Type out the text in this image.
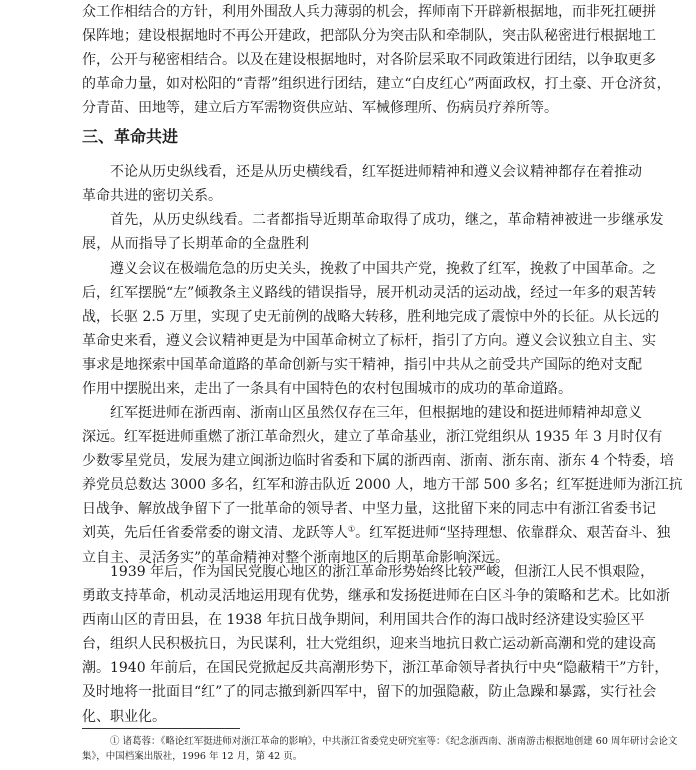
众工作相结合的方针，利用外围敌人兵力薄弱的机会，挥师南下开辟新根据地，而非死扛硬拼
保阵地；建设根据地时不再公开建政，把部队分为突击队和牵制队，突击队秘密进行根据地工
作，公开与秘密相结合。以及在建设根据地时，对各阶层采取不同政策进行团结，以争取更多
的革命力量，如对松阳的“青帮”组织进行团结，建立“白皮红心”两面政权，打土豪、开仓济贫，
分青苗、田地等，建立后方军需物资供应站、军械修理所、伤病员疗养所等。
三、革命共进
不论从历史纵线看，还是从历史横线看，红军挺进师精神和遵义会议精神都存在着推动
革命共进的密切关系。
首先，从历史纵线看。二者都指导近期革命取得了成功，继之，革命精神被进一步继承发
展，从而指导了长期革命的全盘胜利
遵义会议在极端危急的历史关头，挽救了中国共产党，挽救了红军，挽救了中国革命。之
后，红军摆脱“左”倾教条主义路线的错误指导，展开机动灵活的运动战，经过一年多的艰苦转
战，长驱 2.5 万里，实现了史无前例的战略大转移，胜利地完成了震惊中外的长征。从长远的
革命史来看，遵义会议精神更是为中国革命树立了标杆，指引了方向。遵义会议独立自主、实
事求是地探索中国革命道路的革命创新与实干精神，指引中共从之前受共产国际的绝对支配
作用中摆脱出来，走出了一条具有中国特色的农村包围城市的成功的革命道路。
红军挺进师在浙西南、浙南山区虽然仅存在三年，但根据地的建设和挺进师精神却意义
深远。红军挺进师重燃了浙江革命烈火，建立了革命基业，浙江党组织从 1935 年 3 月时仅有
少数零星党员，发展为建立闽浙边临时省委和下属的浙西南、浙南、浙东南、浙东 4 个特委，培
养党员总数达 3000 多名，红军和游击队近 2000 人，地方干部 500 多名；红军挺进师为浙江抗
日战争、解放战争留下了一批革命的领导者、中坚力量，这批留下来的同志中有浙江省委书记
刘英，先后任省委常委的谢文清、龙跃等人①。红军挺进师“坚持理想、依靠群众、艰苦奋斗、独
立自主、灵活务实”的革命精神对整个浙南地区的后期革命影响深远。
1939 年后，作为国民党腹心地区的浙江革命形势始终比较严峻，但浙江人民不惧艰险，
勇敢支持革命，机动灵活地运用现有优势，继承和发扬挺进师在白区斗争的策略和艺术。比如浙
西南山区的青田县，在 1938 年抗日战争期间，利用国共合作的海口战时经济建设实验区平
台，组织人民积极抗日，为民谋利，壮大党组织，迎来当地抗日救亡运动新高潮和党的建设高
潮。1940 年前后，在国民党掀起反共高潮形势下，浙江革命领导者执行中央“隐蔽精干”方针，
及时地将一批面目“红”了的同志撤到新四军中，留下的加强隐蔽，防止急躁和暴露，实行社会
化、职业化。
① 诸葛蓉：《略论红军挺进师对浙江革命的影响》，中共浙江省委党史研究室等：《纪念浙西南、浙南游击根据地创建 60 周年研讨会论文
集》，中国档案出版社，1996 年 12 月，第 42 页。
